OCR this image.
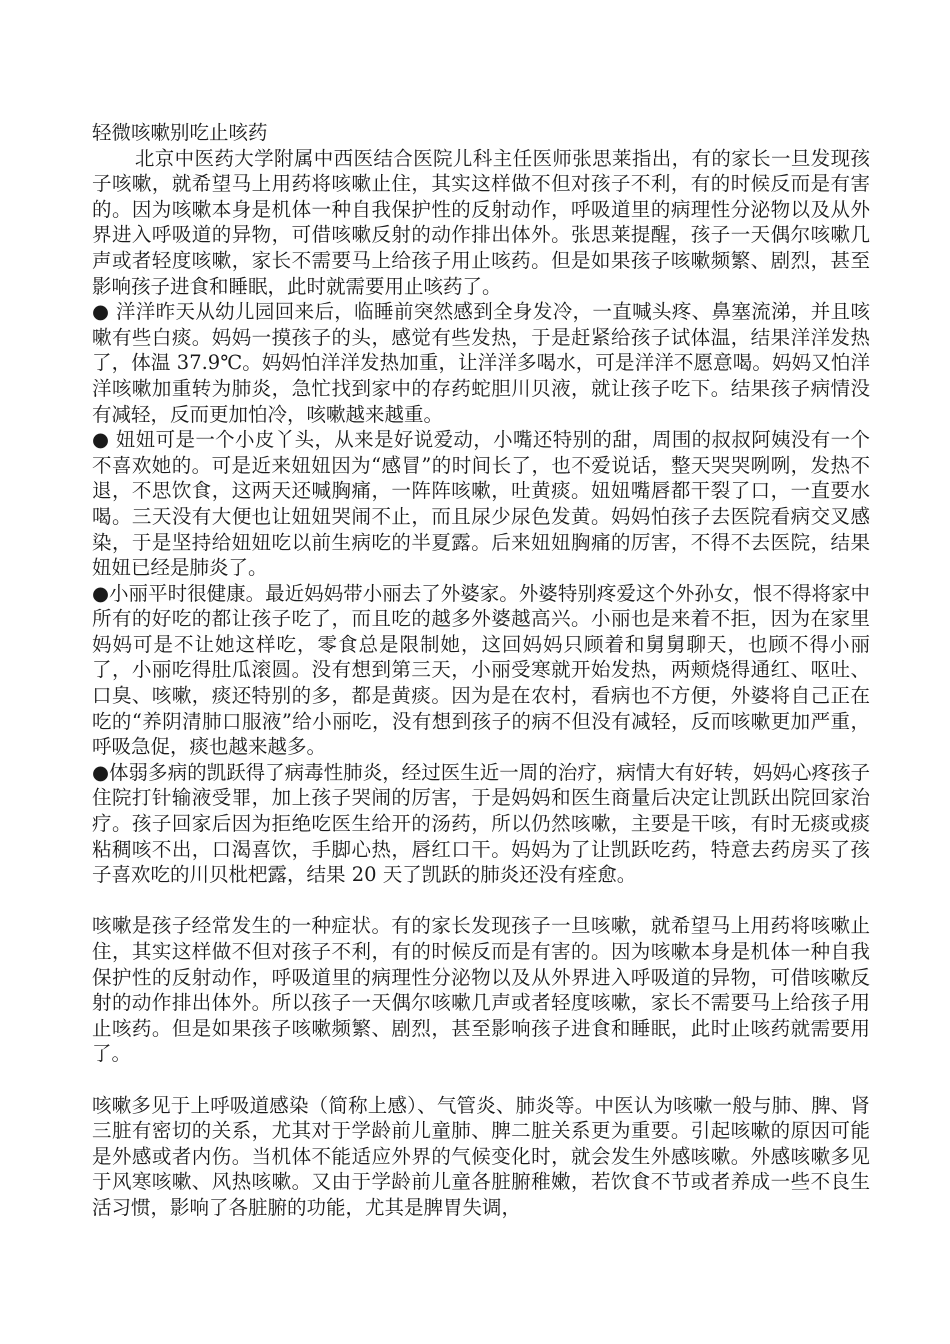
轻微咳嗽别吃止咳药

北京中医药大学附属中西医结合医院儿科主任医师张思莱指出，有的家长一旦发现孩子咳嗽，就希望马上用药将咳嗽止住，其实这样做不但对孩子不利，有的时候反而是有害的。因为咳嗽本身是机体一种自我保护性的反射动作，呼吸道里的病理性分泌物以及从外界进入呼吸道的异物，可借咳嗽反射的动作排出体外。张思莱提醒，孩子一天偶尔咳嗽几声或者轻度咳嗽，家长不需要马上给孩子用止咳药。但是如果孩子咳嗽频繁、剧烈，甚至影响孩子进食和睡眠，此时就需要用止咳药了。

● 洋洋昨天从幼儿园回来后，临睡前突然感到全身发冷，一直喊头疼、鼻塞流涕，并且咳嗽有些白痰。妈妈一摸孩子的头，感觉有些发热，于是赶紧给孩子试体温，结果洋洋发热了，体温 37.9℃。妈妈怕洋洋发热加重，让洋洋多喝水，可是洋洋不愿意喝。妈妈又怕洋洋咳嗽加重转为肺炎，急忙找到家中的存药蛇胆川贝液，就让孩子吃下。结果孩子病情没有减轻，反而更加怕冷，咳嗽越来越重。

● 妞妞可是一个小皮丫头，从来是好说爱动，小嘴还特别的甜，周围的叔叔阿姨没有一个不喜欢她的。可是近来妞妞因为“感冒”的时间长了，也不爱说话，整天哭哭咧咧，发热不退，不思饮食，这两天还喊胸痛，一阵阵咳嗽，吐黄痰。妞妞嘴唇都干裂了口，一直要水喝。三天没有大便也让妞妞哭闹不止，而且尿少尿色发黄。妈妈怕孩子去医院看病交叉感染，于是坚持给妞妞吃以前生病吃的半夏露。后来妞妞胸痛的厉害，不得不去医院，结果妞妞已经是肺炎了。

●小丽平时很健康。最近妈妈带小丽去了外婆家。外婆特别疼爱这个外孙女，恨不得将家中所有的好吃的都让孩子吃了，而且吃的越多外婆越高兴。小丽也是来着不拒，因为在家里妈妈可是不让她这样吃，零食总是限制她，这回妈妈只顾着和舅舅聊天，也顾不得小丽了，小丽吃得肚瓜滚圆。没有想到第三天，小丽受寒就开始发热，两颊烧得通红、呕吐、口臭、咳嗽，痰还特别的多，都是黄痰。因为是在农村，看病也不方便，外婆将自己正在吃的“养阴清肺口服液”给小丽吃，没有想到孩子的病不但没有减轻，反而咳嗽更加严重，呼吸急促，痰也越来越多。

●体弱多病的凯跃得了病毒性肺炎，经过医生近一周的治疗，病情大有好转，妈妈心疼孩子住院打针输液受罪，加上孩子哭闹的厉害，于是妈妈和医生商量后决定让凯跃出院回家治疗。孩子回家后因为拒绝吃医生给开的汤药，所以仍然咳嗽，主要是干咳，有时无痰或痰粘稠咳不出，口渴喜饮，手脚心热，唇红口干。妈妈为了让凯跃吃药，特意去药房买了孩子喜欢吃的川贝枇杷露，结果 20 天了凯跃的肺炎还没有痊愈。

咳嗽是孩子经常发生的一种症状。有的家长发现孩子一旦咳嗽，就希望马上用药将咳嗽止住，其实这样做不但对孩子不利，有的时候反而是有害的。因为咳嗽本身是机体一种自我保护性的反射动作，呼吸道里的病理性分泌物以及从外界进入呼吸道的异物，可借咳嗽反射的动作排出体外。所以孩子一天偶尔咳嗽几声或者轻度咳嗽，家长不需要马上给孩子用止咳药。但是如果孩子咳嗽频繁、剧烈，甚至影响孩子进食和睡眠，此时止咳药就需要用了。

咳嗽多见于上呼吸道感染（简称上感）、气管炎、肺炎等。中医认为咳嗽一般与肺、脾、肾三脏有密切的关系，尤其对于学龄前儿童肺、脾二脏关系更为重要。引起咳嗽的原因可能是外感或者内伤。当机体不能适应外界的气候变化时，就会发生外感咳嗽。外感咳嗽多见于风寒咳嗽、风热咳嗽。又由于学龄前儿童各脏腑稚嫩，若饮食不节或者养成一些不良生活习惯，影响了各脏腑的功能，尤其是脾胃失调，
